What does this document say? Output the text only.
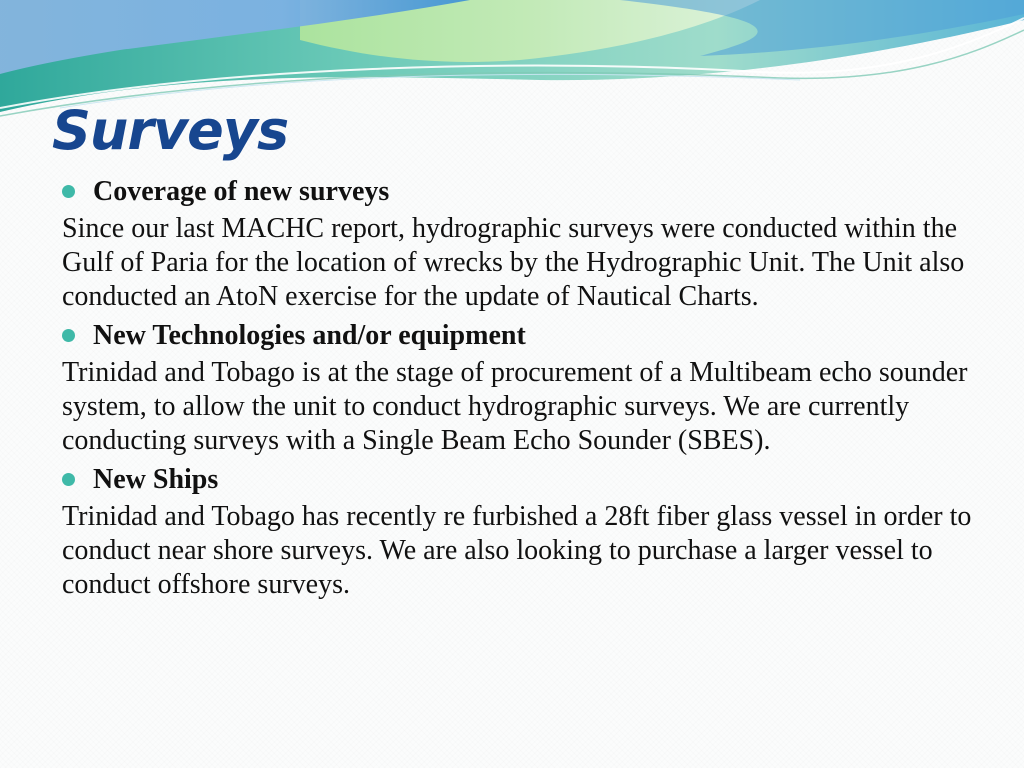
Surveys
Coverage of new surveys

Since our last MACHC report, hydrographic surveys were conducted within the Gulf of Paria for the location of wrecks by the Hydrographic Unit. The Unit also conducted an AtoN exercise for the update of Nautical Charts.

New Technologies and/or equipment

Trinidad and Tobago is at the stage of procurement of a Multibeam echo sounder system, to allow the unit to conduct hydrographic surveys. We are currently conducting surveys with a Single Beam Echo Sounder (SBES).

New Ships

Trinidad and Tobago has recently re furbished a 28ft fiber glass vessel in order to conduct near shore surveys. We are also looking to purchase a larger vessel to conduct offshore surveys.
